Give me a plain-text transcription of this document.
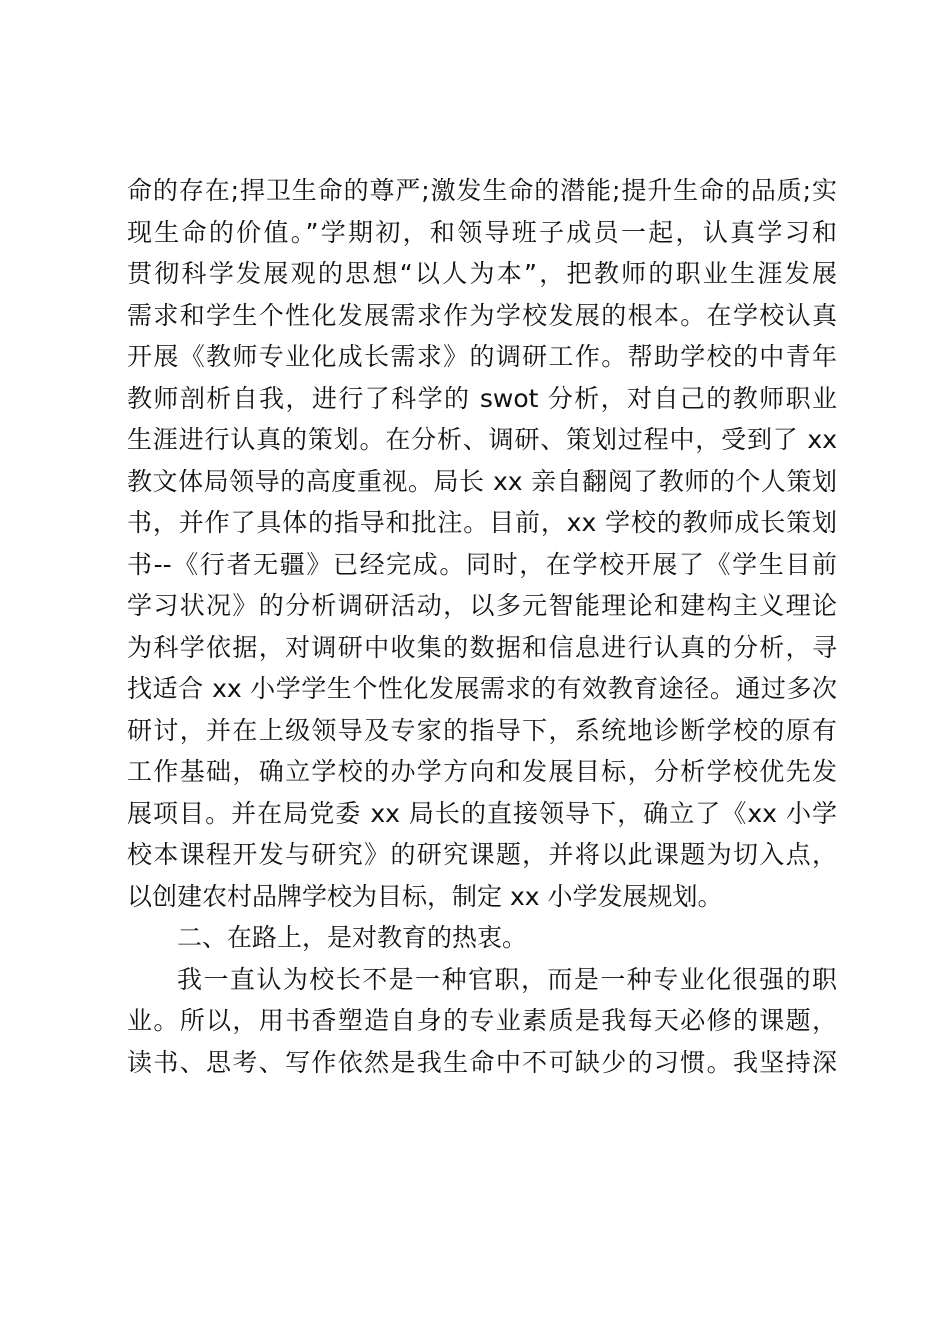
命的存在;捍卫生命的尊严;激发生命的潜能;提升生命的品质;实
现生命的价值。”学期初，和领导班子成员一起，认真学习和
贯彻科学发展观的思想“以人为本”，把教师的职业生涯发展
需求和学生个性化发展需求作为学校发展的根本。在学校认真
开展《教师专业化成长需求》的调研工作。帮助学校的中青年
教师剖析自我，进行了科学的 swot 分析，对自己的教师职业
生涯进行认真的策划。在分析、调研、策划过程中，受到了 xx
教文体局领导的高度重视。局长 xx 亲自翻阅了教师的个人策划
书，并作了具体的指导和批注。目前，xx 学校的教师成长策划
书--《行者无疆》已经完成。同时，在学校开展了《学生目前
学习状况》的分析调研活动，以多元智能理论和建构主义理论
为科学依据，对调研中收集的数据和信息进行认真的分析，寻
找适合 xx 小学学生个性化发展需求的有效教育途径。通过多次
研讨，并在上级领导及专家的指导下，系统地诊断学校的原有
工作基础，确立学校的办学方向和发展目标，分析学校优先发
展项目。并在局党委 xx 局长的直接领导下，确立了《xx 小学
校本课程开发与研究》的研究课题，并将以此课题为切入点，
以创建农村品牌学校为目标，制定 xx 小学发展规划。
二、在路上，是对教育的热衷。
我一直认为校长不是一种官职，而是一种专业化很强的职
业。所以，用书香塑造自身的专业素质是我每天必修的课题，
读书、思考、写作依然是我生命中不可缺少的习惯。我坚持深
